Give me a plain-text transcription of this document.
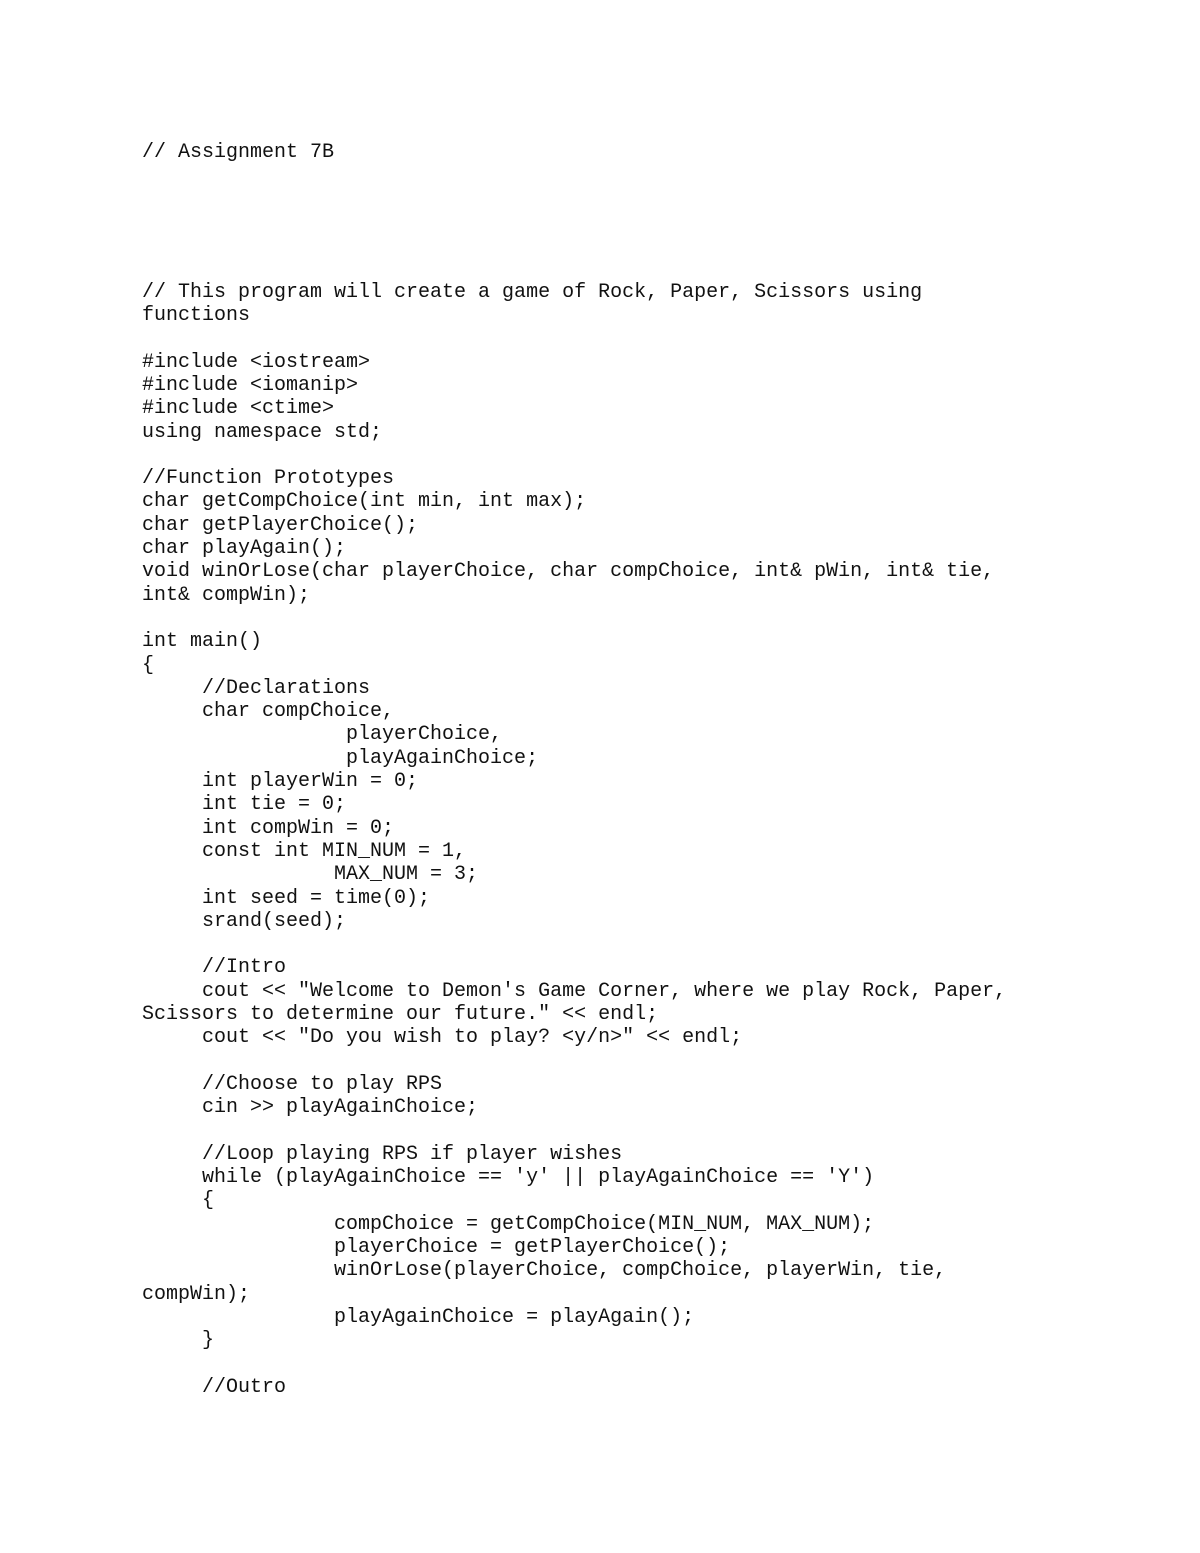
// Assignment 7B

// This program will create a game of Rock, Paper, Scissors using
functions

#include <iostream>
#include <iomanip>
#include <ctime>
using namespace std;

//Function Prototypes
char getCompChoice(int min, int max);
char getPlayerChoice();
char playAgain();
void winOrLose(char playerChoice, char compChoice, int& pWin, int& tie,
int& compWin);

int main()
{
//Declarations
char compChoice,
playerChoice,
playAgainChoice;
int playerWin = 0;
int tie = 0;
int compWin = 0;
const int MIN_NUM = 1,
MAX_NUM = 3;
int seed = time(0);
srand(seed);

//Intro
cout << "Welcome to Demon's Game Corner, where we play Rock, Paper,
Scissors to determine our future." << endl;
cout << "Do you wish to play? <y/n>" << endl;

//Choose to play RPS
cin >> playAgainChoice;

//Loop playing RPS if player wishes
while (playAgainChoice == 'y' || playAgainChoice == 'Y')
{
compChoice = getCompChoice(MIN_NUM, MAX_NUM);
playerChoice = getPlayerChoice();
winOrLose(playerChoice, compChoice, playerWin, tie,
compWin);
playAgainChoice = playAgain();
}

//Outro
